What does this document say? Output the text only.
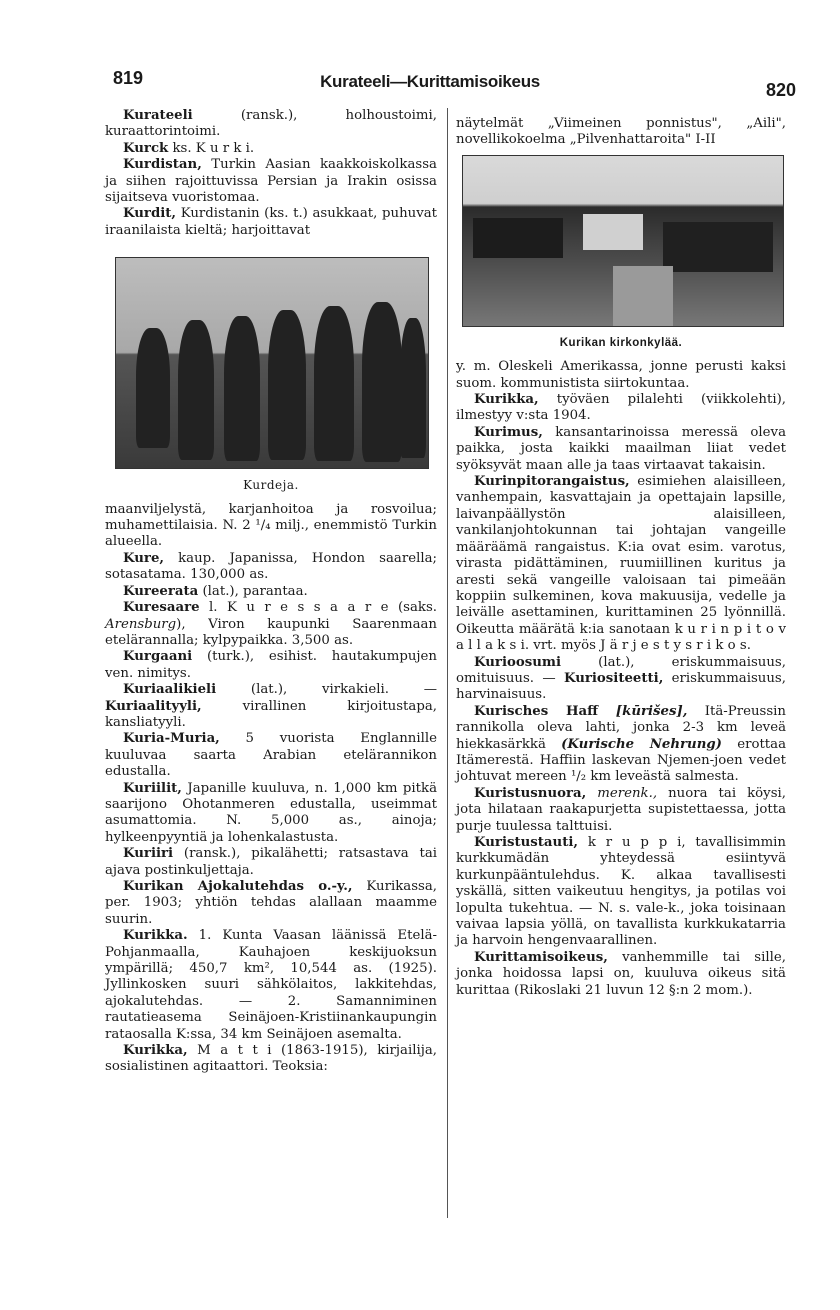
819	Kurateeli—Kurittamisoikeus	820

Kurateeli (ransk.), holhoustoimi, kuraattorintoimi.

Kurck ks. K u r k i.

Kurdistan, Turkin Aasian kaakkoiskolkassa ja siihen rajoittuvissa Persian ja Irakin osissa sijaitseva vuoristomaa.

Kurdit, Kurdistanin (ks. t.) asukkaat, puhuvat iraanilaista kieltä; harjoittavat

Kurdeja.

maanviljelystä, karjanhoitoa ja rosvoilua; muhamettilaisia. N. 2 ¹/₄ milj., enemmistö Turkin alueella.

Kure, kaup. Japanissa, Hondon saarella; sotasatama. 130,000 as.

Kureerata (lat.), parantaa.

Kuresaare l. K u r e s s a a r e (saks. Arensburg), Viron kaupunki Saarenmaan etelärannalla; kylpypaikka. 3,500 as.

Kurgaani (turk.), esihist. hautakumpujen ven. nimitys.

Kuriaalikieli (lat.), virkakieli. — Kuriaalityyli, virallinen kirjoitustapa, kansliatyyli.

Kuria-Muria, 5 vuorista Englannille kuuluvaa saarta Arabian etelärannikon edustalla.

Kuriilit, Japanille kuuluva, n. 1,000 km pitkä saarijono Ohotanmeren edustalla, useimmat asumattomia. N. 5,000 as., ainoja; hylkeenpyyntiä ja lohenkalastusta.

Kuriiri (ransk.), pikalähetti; ratsastava tai ajava postinkuljettaja.

Kurikan Ajokalutehdas o.-y., Kurikassa, per. 1903; yhtiön tehdas alallaan maamme suurin.

Kurikka. 1. Kunta Vaasan läänissä Etelä-Pohjanmaalla, Kauhajoen keskijuoksun ympärillä; 450,7 km², 10,544 as. (1925). Jyllinkosken suuri sähkölaitos, lakkitehdas, ajokalutehdas. — 2. Samanniminen rautatieasema Seinäjoen-Kristiinankaupungin rataosalla K:ssa, 34 km Seinäjoen asemalta.

Kurikka, M a t t i (1863-1915), kirjailija, sosialistinen agitaattori. Teoksia:

näytelmät „Viimeinen ponnistus", „Aili", novellikokoelma „Pilvenhattaroita" I-II

Kurikan kirkonkylää.

y. m. Oleskeli Amerikassa, jonne perusti kaksi suom. kommunistista siirtokuntaa.

Kurikka, työväen pilalehti (viikkolehti), ilmestyy v:sta 1904.

Kurimus, kansantarinoissa meressä oleva paikka, josta kaikki maailman liiat vedet syöksyvät maan alle ja taas virtaavat takaisin.

Kurinpitorangaistus, esimiehen alaisilleen, vanhempain, kasvattajain ja opettajain lapsille, laivanpäällystön alaisilleen, vankilanjohtokunnan tai johtajan vangeille määräämä rangaistus. K:ia ovat esim. varotus, virasta pidättäminen, ruumiillinen kuritus ja aresti sekä vangeille valoisaan tai pimeään koppiin sulkeminen, kova makuusija, vedelle ja leivälle asettaminen, kurittaminen 25 lyönnillä. Oikeutta määrätä k:ia sanotaan k u r i n p i t o v a l l a k s i. vrt. myös J ä r j e s t y s r i k o s.

Kurioosumi (lat.), eriskummaisuus, omituisuus. — Kuriositeetti, eriskummaisuus, harvinaisuus.

Kurisches Haff [kūrišes], Itä-Preussin rannikolla oleva lahti, jonka 2-3 km leveä hiekkasärkkä (Kurische Nehrung) erottaa Itämerestä. Haffiin laskevan Njemen-joen vedet johtuvat mereen ¹/₂ km leveästä salmesta.

Kuristusnuora, merenk., nuora tai köysi, jota hilataan raakapurjetta supistettaessa, jotta purje tuulessa talttuisi.

Kuristustauti, k r u p p i, tavallisimmin kurkkumädän yhteydessä esiintyvä kurkunpääntulehdus. K. alkaa tavallisesti yskällä, sitten vaikeutuu hengitys, ja potilas voi lopulta tukehtua. — N. s. vale-k., joka toisinaan vaivaa lapsia yöllä, on tavallista kurkkukatarria ja harvoin hengenvaarallinen.

Kurittamisoikeus, vanhemmille tai sille, jonka hoidossa lapsi on, kuuluva oikeus sitä kurittaa (Rikoslaki 21 luvun 12 §:n 2 mom.).
